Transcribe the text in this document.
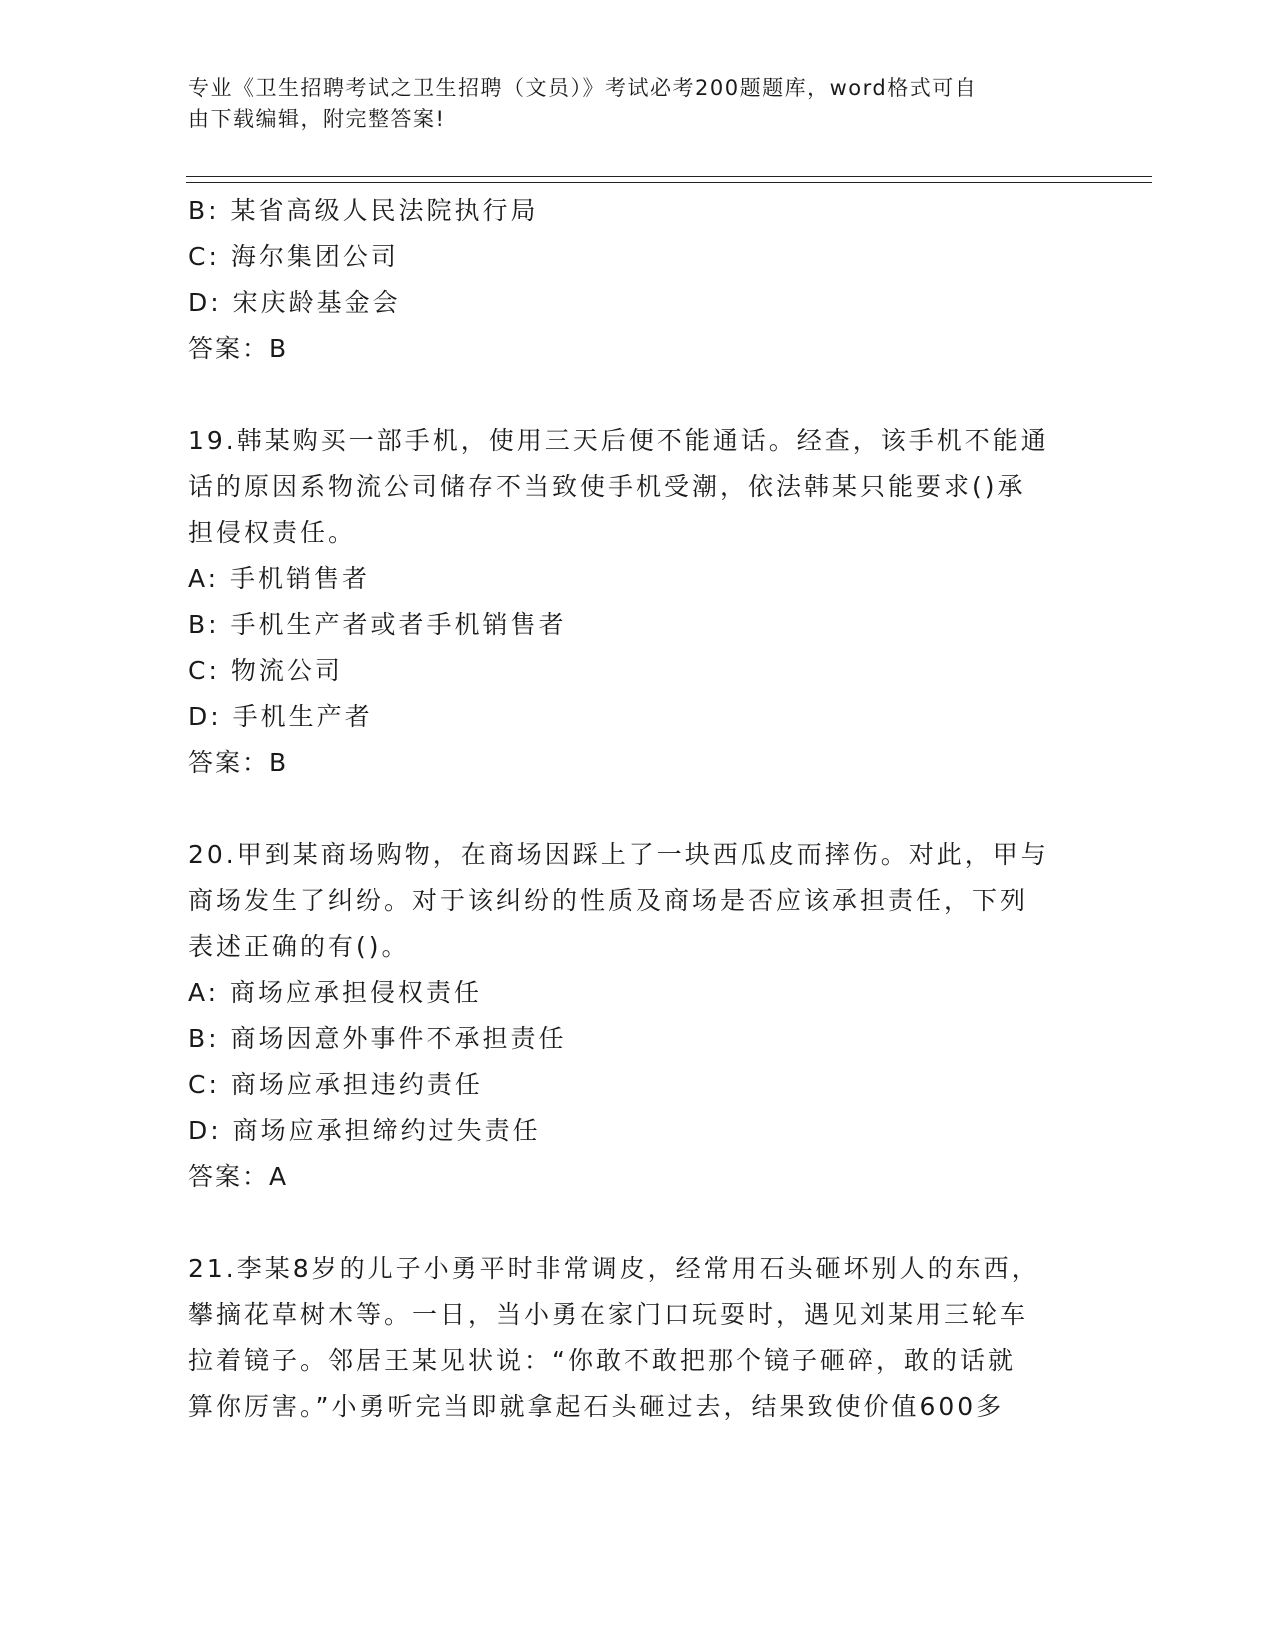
专业《卫生招聘考试之卫生招聘（文员）》考试必考200题题库，word格式可自
由下载编辑，附完整答案!
B: 某省高级人民法院执行局
C: 海尔集团公司
D: 宋庆龄基金会
答案：B
19.韩某购买一部手机，使用三天后便不能通话。经查，该手机不能通
话的原因系物流公司储存不当致使手机受潮，依法韩某只能要求()承
担侵权责任。
A: 手机销售者
B: 手机生产者或者手机销售者
C: 物流公司
D: 手机生产者
答案：B
20.甲到某商场购物，在商场因踩上了一块西瓜皮而摔伤。对此，甲与
商场发生了纠纷。对于该纠纷的性质及商场是否应该承担责任，下列
表述正确的有()。
A: 商场应承担侵权责任
B: 商场因意外事件不承担责任
C: 商场应承担违约责任
D: 商场应承担缔约过失责任
答案：A
21.李某8岁的儿子小勇平时非常调皮，经常用石头砸坏别人的东西，
攀摘花草树木等。一日，当小勇在家门口玩耍时，遇见刘某用三轮车
拉着镜子。邻居王某见状说：“你敢不敢把那个镜子砸碎，敢的话就
算你厉害。”小勇听完当即就拿起石头砸过去，结果致使价值600多
